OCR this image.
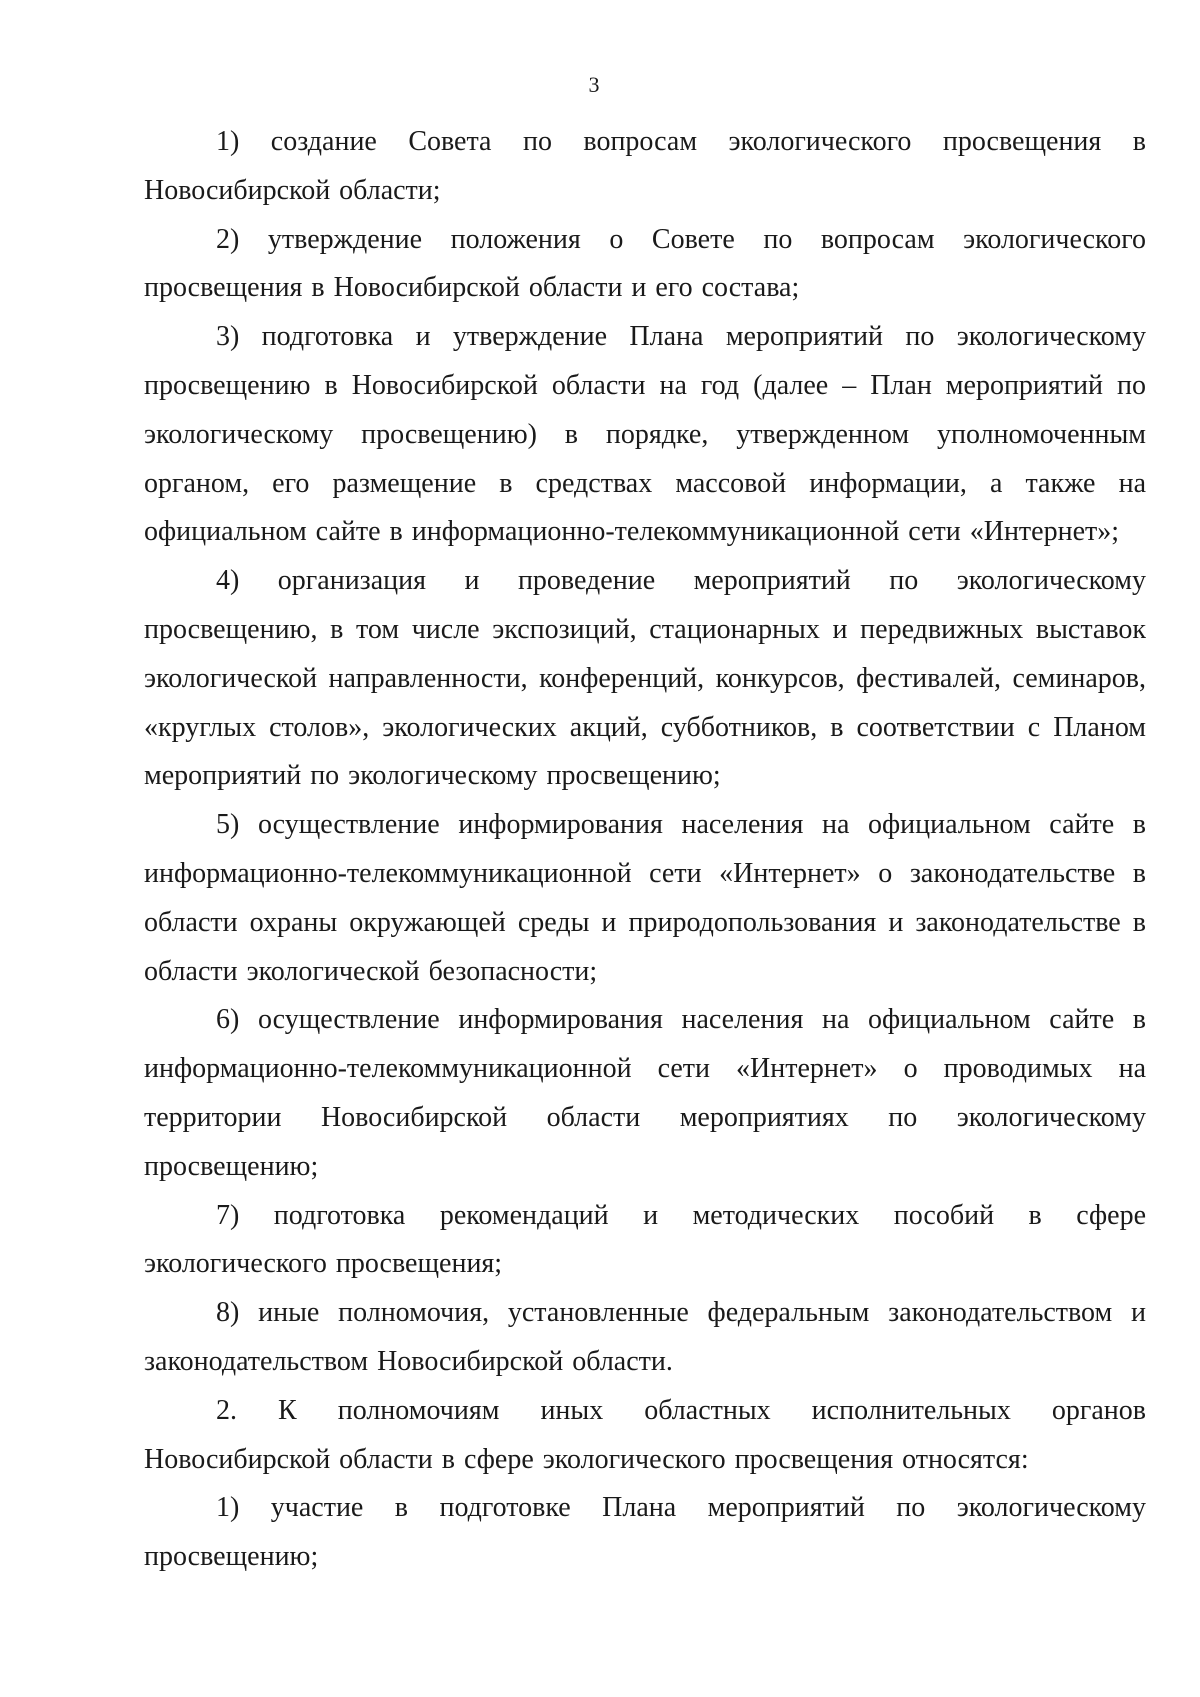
3

1) создание Совета по вопросам экологического просвещения в Новосибирской области;

2) утверждение положения о Совете по вопросам экологического просвещения в Новосибирской области и его состава;

3) подготовка и утверждение Плана мероприятий по экологическому просвещению в Новосибирской области на год (далее – План мероприятий по экологическому просвещению) в порядке, утвержденном уполномоченным органом, его размещение в средствах массовой информации, а также на официальном сайте в информационно-телекоммуникационной сети «Интернет»;

4) организация и проведение мероприятий по экологическому просвещению, в том числе экспозиций, стационарных и передвижных выставок экологической направленности, конференций, конкурсов, фестивалей, семинаров, «круглых столов», экологических акций, субботников, в соответствии с Планом мероприятий по экологическому просвещению;

5) осуществление информирования населения на официальном сайте в информационно-телекоммуникационной сети «Интернет» о законодательстве в области охраны окружающей среды и природопользования и законодательстве в области экологической безопасности;

6) осуществление информирования населения на официальном сайте в информационно-телекоммуникационной сети «Интернет» о проводимых на территории Новосибирской области мероприятиях по экологическому просвещению;

7) подготовка рекомендаций и методических пособий в сфере экологического просвещения;

8) иные полномочия, установленные федеральным законодательством и законодательством Новосибирской области.

2. К полномочиям иных областных исполнительных органов Новосибирской области в сфере экологического просвещения относятся:

1) участие в подготовке Плана мероприятий по экологическому просвещению;
